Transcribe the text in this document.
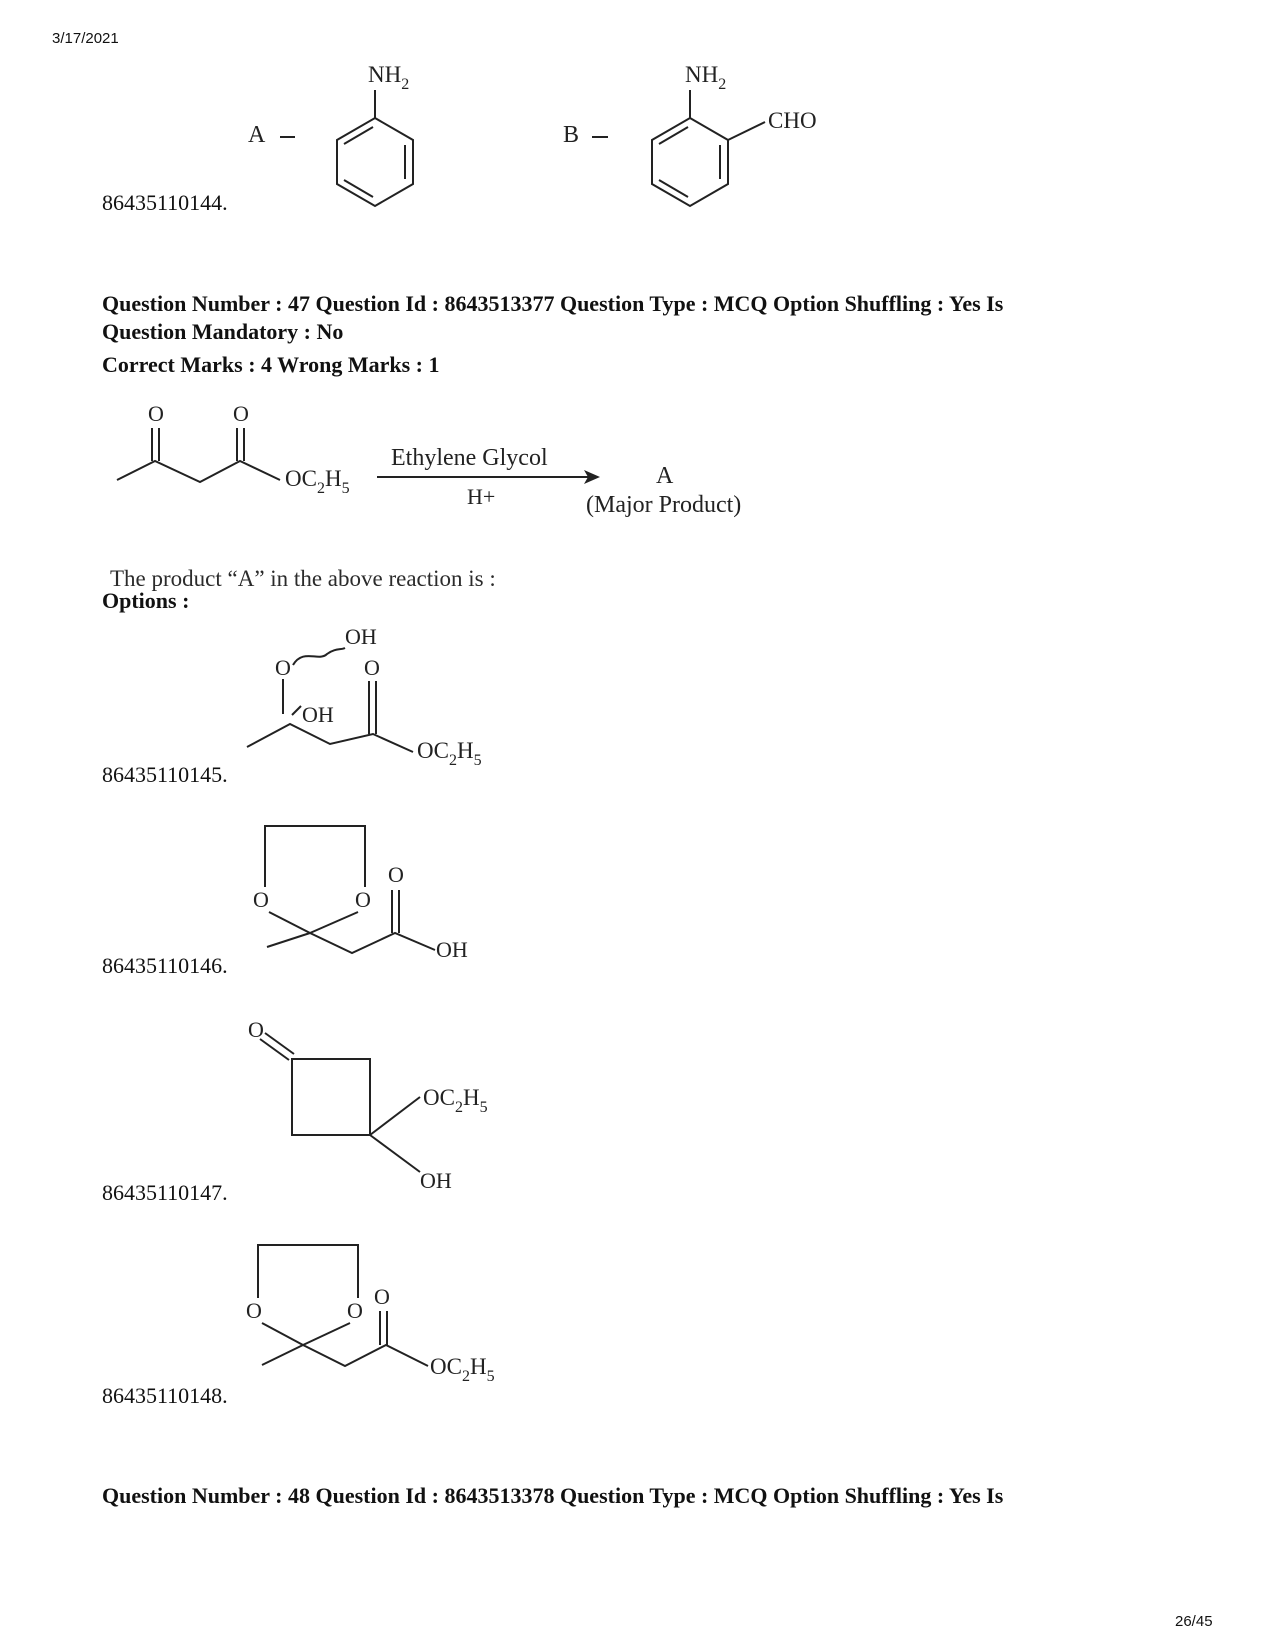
3/17/2021
A
$NH_2$
B
$NH_2$
CHO
86435110144.
Question Number : 47 Question Id : 8643513377 Question Type : MCQ Option Shuffling : Yes Is
Question Mandatory : No
Correct Marks : 4 Wrong Marks : 1
O	O
$OC_2H_5$
Ethylene Glycol
H+
A
(Major Product)
The product “A” in the above reaction is :
Options :
OH
O	O
OH
$OC_2H_5$
86435110145.
O	O
O
OH
86435110146.
O
$OC_2H_5$
OH
86435110147.
O	O
O
$OC_2H_5$
86435110148.
Question Number : 48 Question Id : 8643513378 Question Type : MCQ Option Shuffling : Yes Is
26/45
